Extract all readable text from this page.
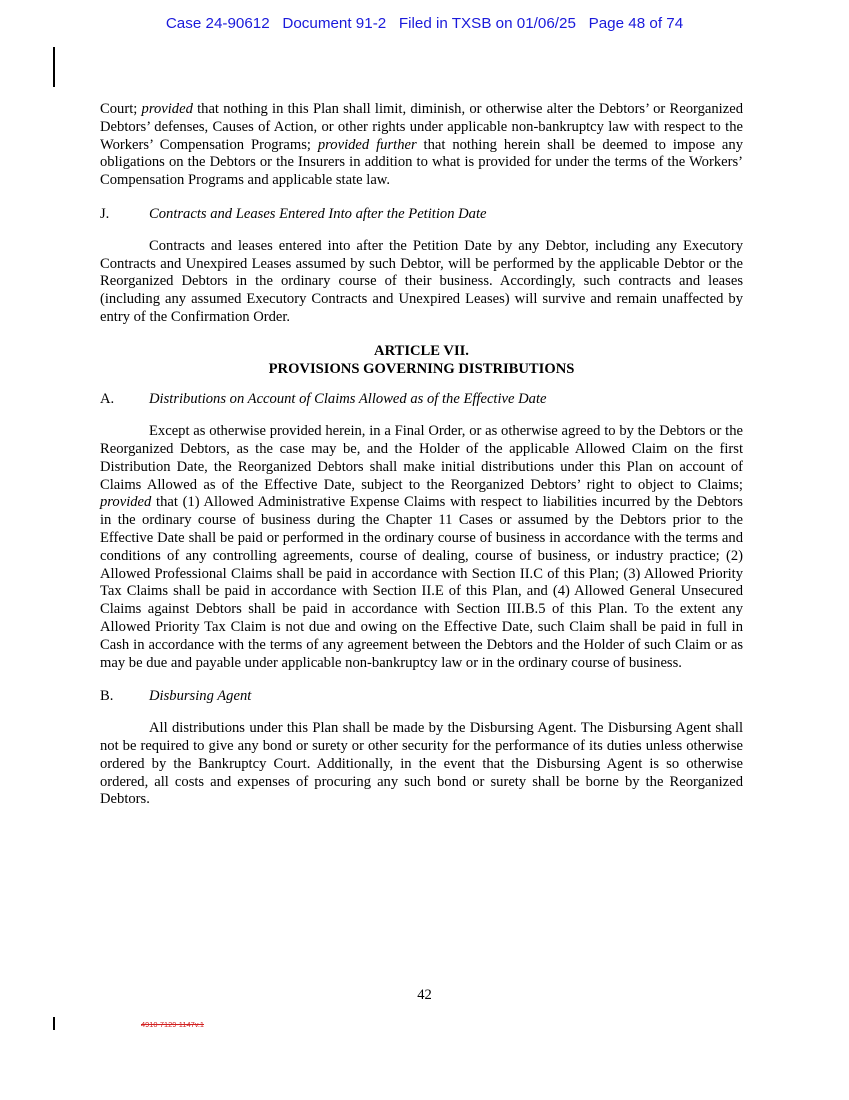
Case 24-90612 Document 91-2 Filed in TXSB on 01/06/25 Page 48 of 74

Court; provided that nothing in this Plan shall limit, diminish, or otherwise alter the Debtors’ or Reorganized Debtors’ defenses, Causes of Action, or other rights under applicable non-bankruptcy law with respect to the Workers’ Compensation Programs; provided further that nothing herein shall be deemed to impose any obligations on the Debtors or the Insurers in addition to what is provided for under the terms of the Workers’ Compensation Programs and applicable state law.

J.	Contracts and Leases Entered Into after the Petition Date

Contracts and leases entered into after the Petition Date by any Debtor, including any Executory Contracts and Unexpired Leases assumed by such Debtor, will be performed by the applicable Debtor or the Reorganized Debtors in the ordinary course of their business. Accordingly, such contracts and leases (including any assumed Executory Contracts and Unexpired Leases) will survive and remain unaffected by entry of the Confirmation Order.

ARTICLE VII.
PROVISIONS GOVERNING DISTRIBUTIONS
A.	Distributions on Account of Claims Allowed as of the Effective Date

Except as otherwise provided herein, in a Final Order, or as otherwise agreed to by the Debtors or the Reorganized Debtors, as the case may be, and the Holder of the applicable Allowed Claim on the first Distribution Date, the Reorganized Debtors shall make initial distributions under this Plan on account of Claims Allowed as of the Effective Date, subject to the Reorganized Debtors’ right to object to Claims; provided that (1) Allowed Administrative Expense Claims with respect to liabilities incurred by the Debtors in the ordinary course of business during the Chapter 11 Cases or assumed by the Debtors prior to the Effective Date shall be paid or performed in the ordinary course of business in accordance with the terms and conditions of any controlling agreements, course of dealing, course of business, or industry practice; (2) Allowed Professional Claims shall be paid in accordance with Section II.C of this Plan; (3) Allowed Priority Tax Claims shall be paid in accordance with Section II.E of this Plan, and (4) Allowed General Unsecured Claims against Debtors shall be paid in accordance with Section III.B.5 of this Plan. To the extent any Allowed Priority Tax Claim is not due and owing on the Effective Date, such Claim shall be paid in full in Cash in accordance with the terms of any agreement between the Debtors and the Holder of such Claim or as may be due and payable under applicable non-bankruptcy law or in the ordinary course of business.

B.	Disbursing Agent

All distributions under this Plan shall be made by the Disbursing Agent. The Disbursing Agent shall not be required to give any bond or surety or other security for the performance of its duties unless otherwise ordered by the Bankruptcy Court. Additionally, in the event that the Disbursing Agent is so otherwise ordered, all costs and expenses of procuring any such bond or surety shall be borne by the Reorganized Debtors.

42
4910-7129-1147v.1
